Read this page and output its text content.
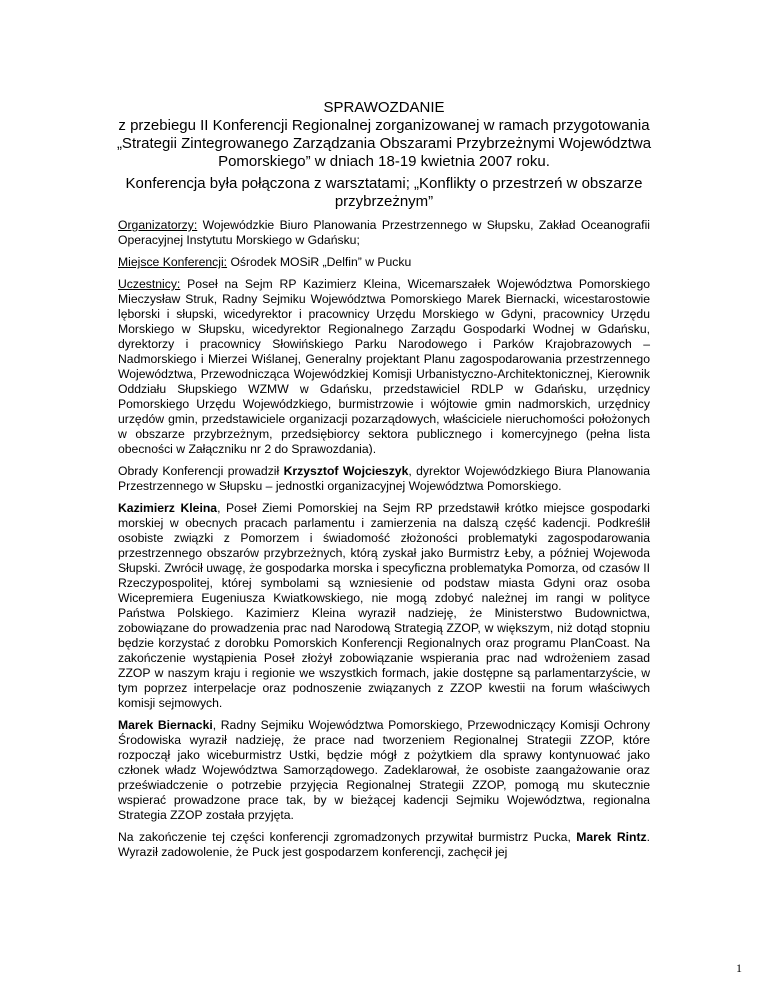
SPRAWOZDANIE
z przebiegu II Konferencji Regionalnej zorganizowanej w ramach przygotowania
„Strategii Zintegrowanego Zarządzania Obszarami Przybrzeżnymi Województwa Pomorskiego” w dniach 18-19 kwietnia 2007 roku.
Konferencja była połączona z warsztatami; „Konflikty o przestrzeń w obszarze przybrzeżnym”

Organizatorzy: Wojewódzkie Biuro Planowania Przestrzennego w Słupsku, Zakład Oceanografii Operacyjnej Instytutu Morskiego w Gdańsku;

Miejsce Konferencji: Ośrodek MOSiR „Delfin” w Pucku

Uczestnicy: Poseł na Sejm RP Kazimierz Kleina, Wicemarszałek Województwa Pomorskiego Mieczysław Struk, Radny Sejmiku Województwa Pomorskiego Marek Biernacki, wicestarostowie lęborski i słupski, wicedyrektor i pracownicy Urzędu Morskiego w Gdyni, pracownicy Urzędu Morskiego w Słupsku, wicedyrektor Regionalnego Zarządu Gospodarki Wodnej w Gdańsku, dyrektorzy i pracownicy Słowińskiego Parku Narodowego i Parków Krajobrazowych – Nadmorskiego i Mierzei Wiślanej, Generalny projektant Planu zagospodarowania przestrzennego Województwa, Przewodnicząca Wojewódzkiej Komisji Urbanistyczno-Architektonicznej, Kierownik Oddziału Słupskiego WZMW w Gdańsku, przedstawiciel RDLP w Gdańsku, urzędnicy Pomorskiego Urzędu Wojewódzkiego, burmistrzowie i wójtowie gmin nadmorskich, urzędnicy urzędów gmin, przedstawiciele organizacji pozarządowych, właściciele nieruchomości położonych w obszarze przybrzeżnym, przedsiębiorcy sektora publicznego i komercyjnego (pełna lista obecności w Załączniku nr 2 do Sprawozdania).

Obrady Konferencji prowadził Krzysztof Wojcieszyk, dyrektor Wojewódzkiego Biura Planowania Przestrzennego w Słupsku – jednostki organizacyjnej Województwa Pomorskiego.

Kazimierz Kleina, Poseł Ziemi Pomorskiej na Sejm RP przedstawił krótko miejsce gospodarki morskiej w obecnych pracach parlamentu i zamierzenia na dalszą część kadencji. Podkreślił osobiste związki z Pomorzem i świadomość złożoności problematyki zagospodarowania przestrzennego obszarów przybrzeżnych, którą zyskał jako Burmistrz Łeby, a później Wojewoda Słupski. Zwrócił uwagę, że gospodarka morska i specyficzna problematyka Pomorza, od czasów II Rzeczypospolitej, której symbolami są wzniesienie od podstaw miasta Gdyni oraz osoba Wicepremiera Eugeniusza Kwiatkowskiego, nie mogą zdobyć należnej im rangi w polityce Państwa Polskiego. Kazimierz Kleina wyraził nadzieję, że Ministerstwo Budownictwa, zobowiązane do prowadzenia prac nad Narodową Strategią ZZOP, w większym, niż dotąd stopniu będzie korzystać z dorobku Pomorskich Konferencji Regionalnych oraz programu PlanCoast. Na zakończenie wystąpienia Poseł złożył zobowiązanie wspierania prac nad wdrożeniem zasad ZZOP w naszym kraju i regionie we wszystkich formach, jakie dostępne są parlamentarzyście, w tym poprzez interpelacje oraz podnoszenie związanych z ZZOP kwestii na forum właściwych komisji sejmowych.

Marek Biernacki, Radny Sejmiku Województwa Pomorskiego, Przewodniczący Komisji Ochrony Środowiska wyraził nadzieję, że prace nad tworzeniem Regionalnej Strategii ZZOP, które rozpoczął jako wiceburmistrz Ustki, będzie mógł z pożytkiem dla sprawy kontynuować jako członek władz Województwa Samorządowego. Zadeklarował, że osobiste zaangażowanie oraz przeświadczenie o potrzebie przyjęcia Regionalnej Strategii ZZOP, pomogą mu skutecznie wspierać prowadzone prace tak, by w bieżącej kadencji Sejmiku Województwa, regionalna Strategia ZZOP została przyjęta.

Na zakończenie tej części konferencji zgromadzonych przywitał burmistrz Pucka, Marek Rintz. Wyraził zadowolenie, że Puck jest gospodarzem konferencji, zachęcił jej

1
